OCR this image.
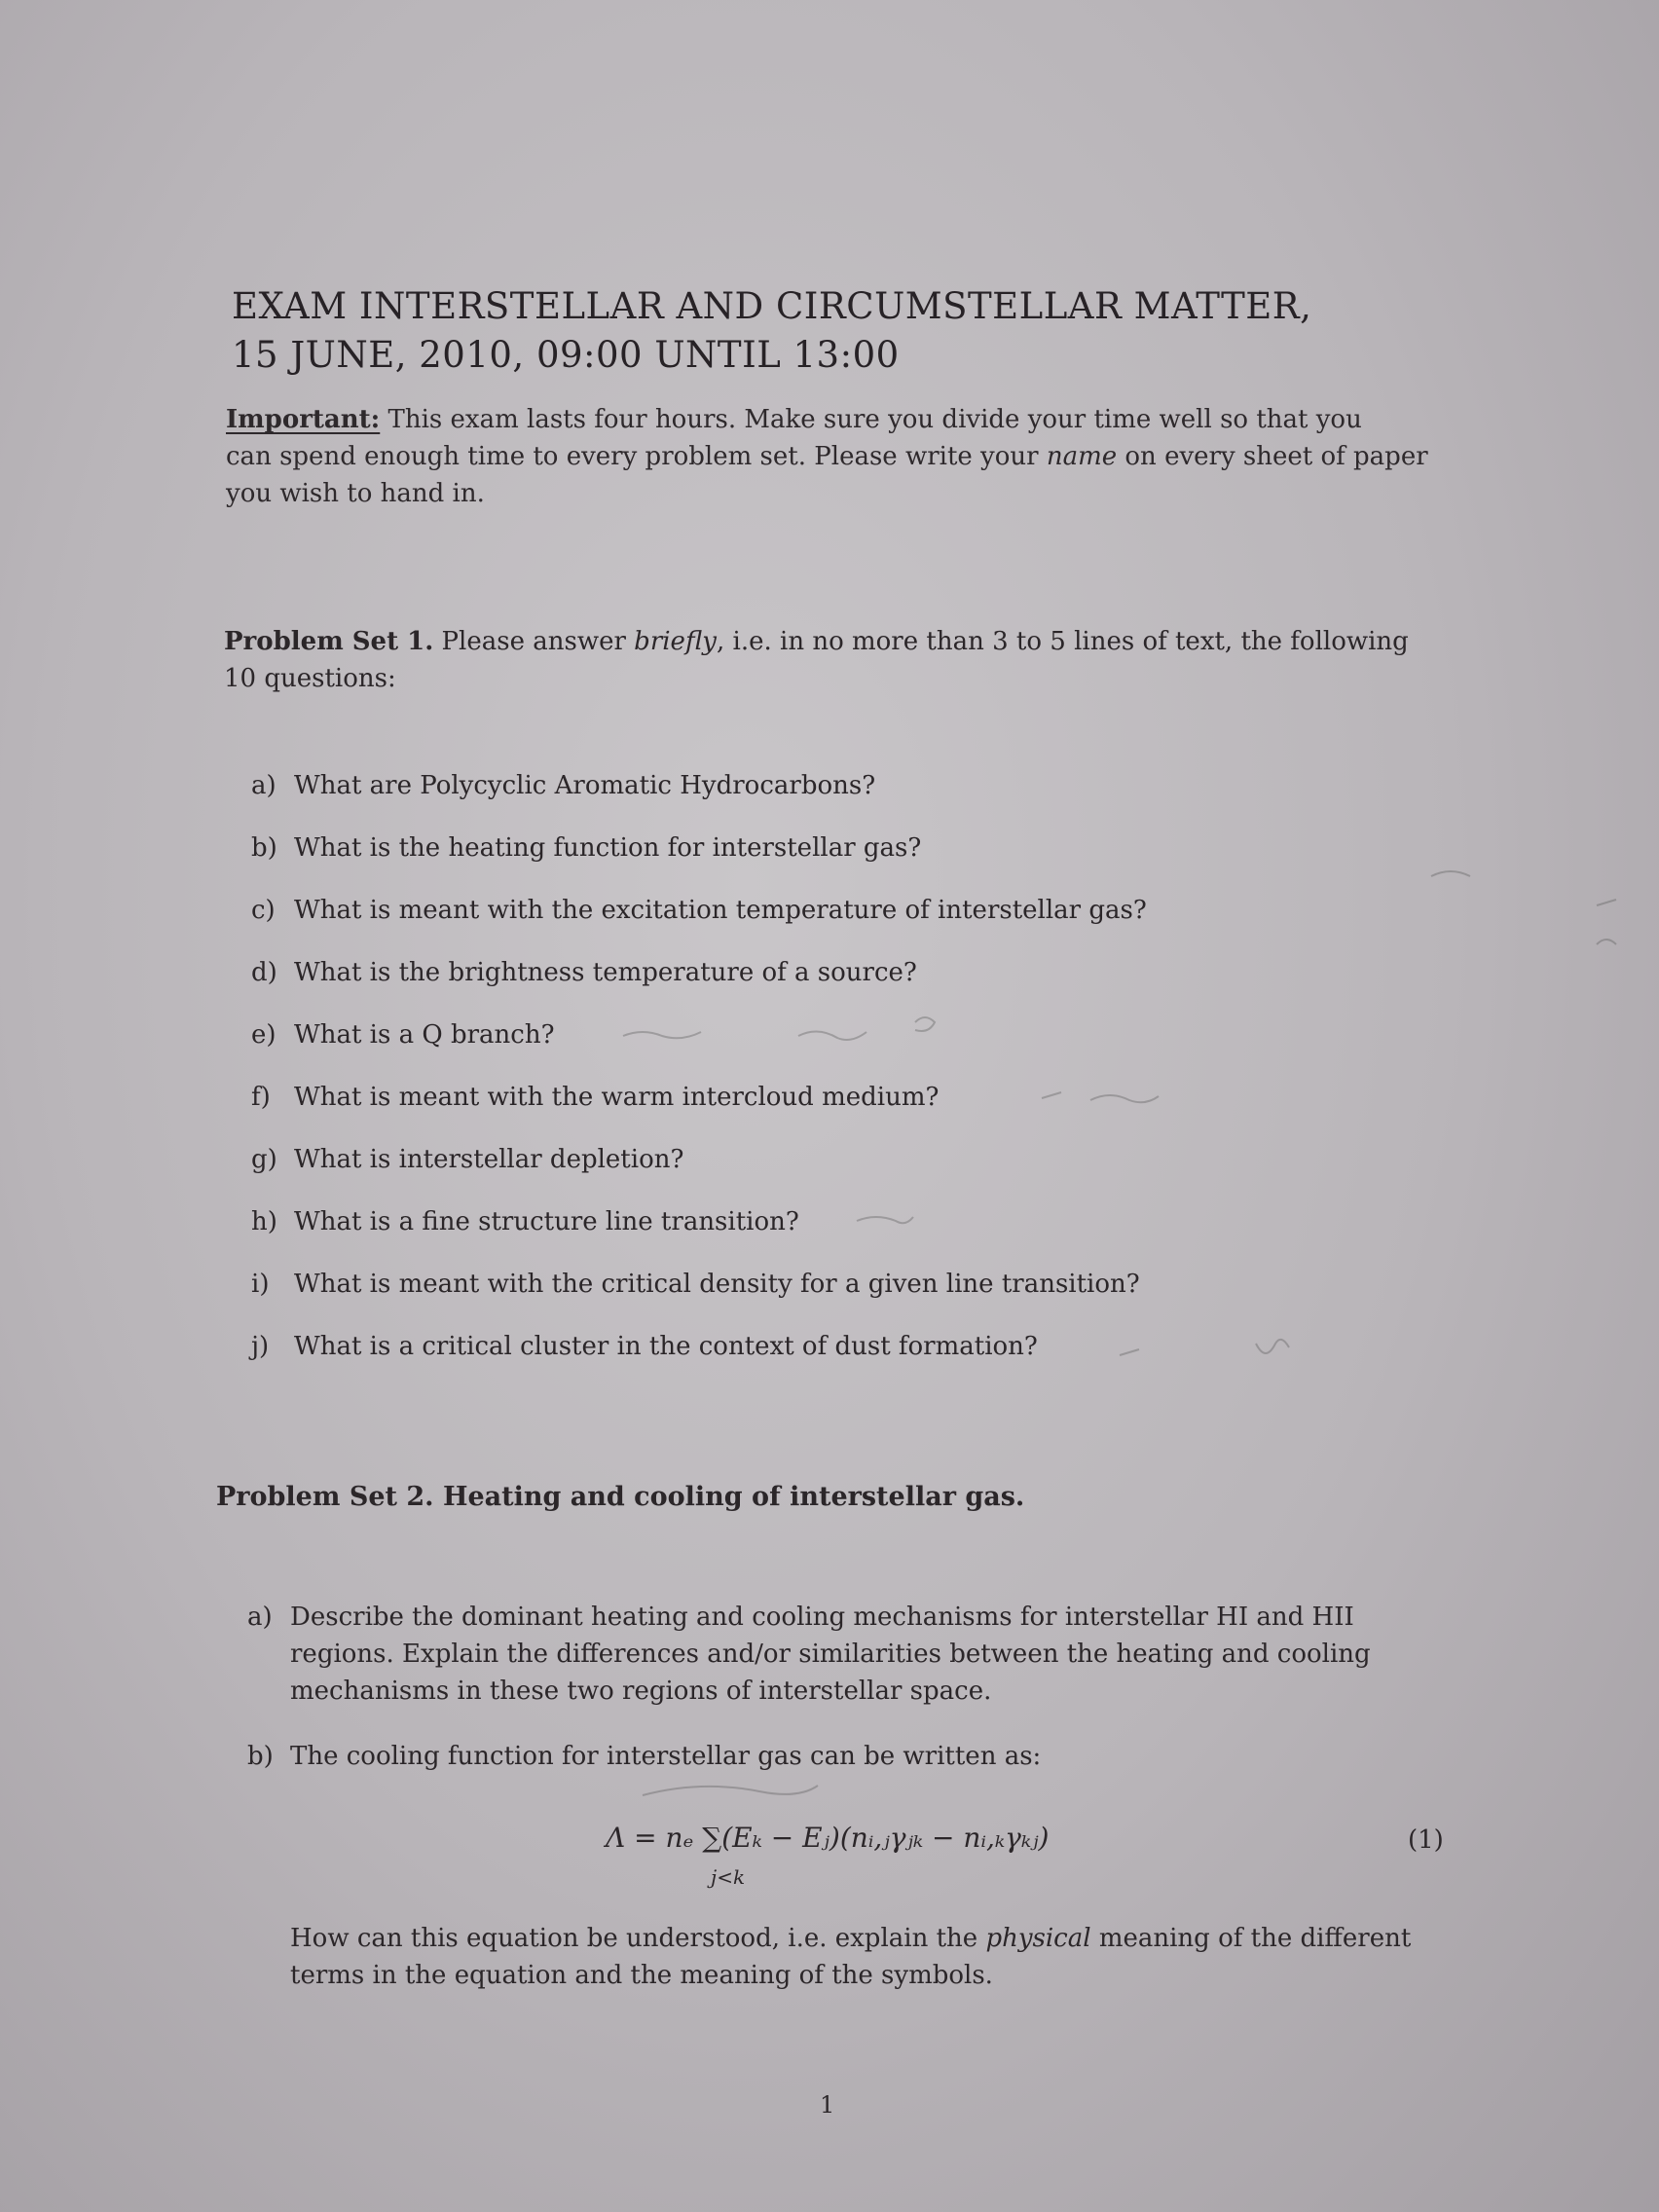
EXAM INTERSTELLAR AND CIRCUMSTELLAR MATTER,
15 JUNE, 2010, 09:00 UNTIL 13:00
Important: This exam lasts four hours. Make sure you divide your time well so that you
can spend enough time to every problem set. Please write your name on every sheet of paper
you wish to hand in.
Problem Set 1. Please answer briefly, i.e. in no more than 3 to 5 lines of text, the following
10 questions:
a) What are Polycyclic Aromatic Hydrocarbons?
b) What is the heating function for interstellar gas?
c) What is meant with the excitation temperature of interstellar gas?
d) What is the brightness temperature of a source?
e) What is a Q branch?
f) What is meant with the warm intercloud medium?
g) What is interstellar depletion?
h) What is a fine structure line transition?
i) What is meant with the critical density for a given line transition?
j) What is a critical cluster in the context of dust formation?
Problem Set 2. Heating and cooling of interstellar gas.
a) Describe the dominant heating and cooling mechanisms for interstellar HI and HII
regions. Explain the differences and/or similarities between the heating and cooling
mechanisms in these two regions of interstellar space.
b) The cooling function for interstellar gas can be written as:
Λ = nₑ ∑(Eₖ − Eⱼ)(nᵢ,ⱼγⱼₖ − nᵢ,ₖγₖⱼ)
j<k
(1)
How can this equation be understood, i.e. explain the physical meaning of the different
terms in the equation and the meaning of the symbols.
1
